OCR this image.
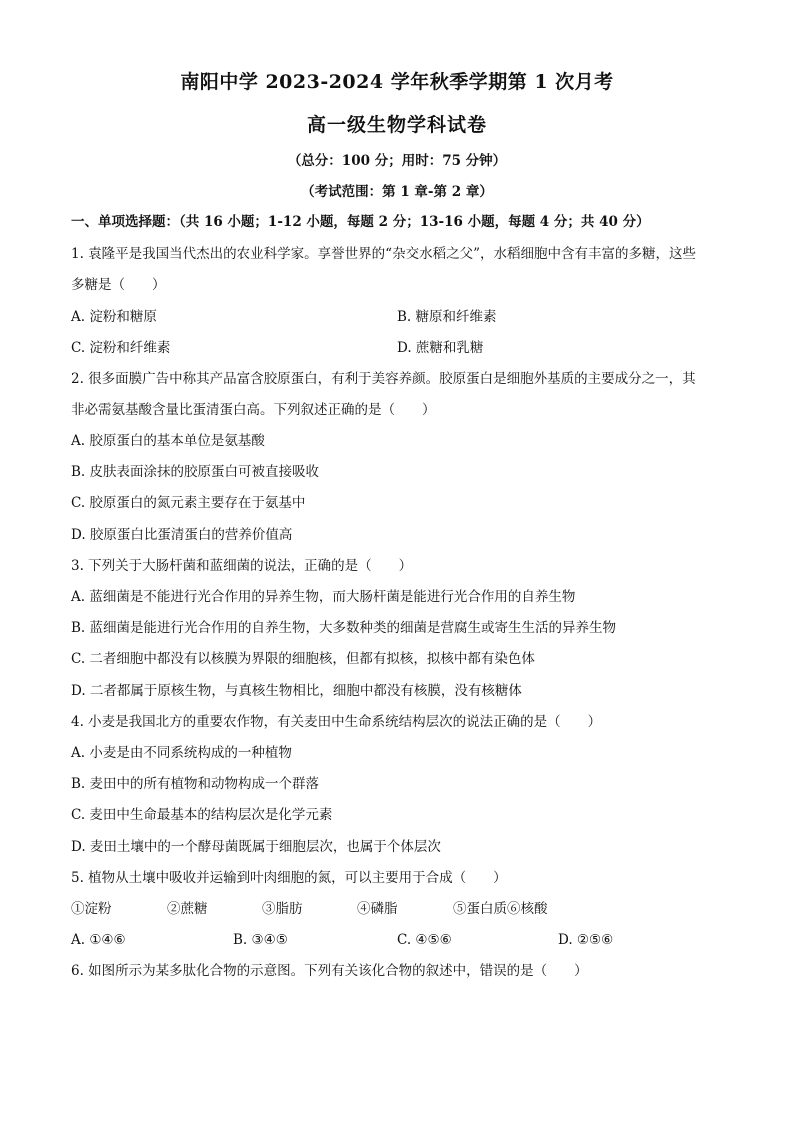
南阳中学 2023-2024 学年秋季学期第 1 次月考
高一级生物学科试卷
（总分：100 分；用时：75 分钟）
（考试范围：第 1 章-第 2 章）
一、单项选择题：（共 16 小题；1-12 小题，每题 2 分；13-16 小题，每题 4 分；共 40 分）
1. 袁隆平是我国当代杰出的农业科学家。享誉世界的“杂交水稻之父”，水稻细胞中含有丰富的多糖，这些
多糖是（　　）
A. 淀粉和糖原	B. 糖原和纤维素
C. 淀粉和纤维素	D. 蔗糖和乳糖
2. 很多面膜广告中称其产品富含胶原蛋白，有利于美容养颜。胶原蛋白是细胞外基质的主要成分之一，其
非必需氨基酸含量比蛋清蛋白高。下列叙述正确的是（　　）
A. 胶原蛋白的基本单位是氨基酸
B. 皮肤表面涂抹的胶原蛋白可被直接吸收
C. 胶原蛋白的氮元素主要存在于氨基中
D. 胶原蛋白比蛋清蛋白的营养价值高
3. 下列关于大肠杆菌和蓝细菌的说法，正确的是（　　）
A. 蓝细菌是不能进行光合作用的异养生物，而大肠杆菌是能进行光合作用的自养生物
B. 蓝细菌是能进行光合作用的自养生物，大多数种类的细菌是营腐生或寄生生活的异养生物
C. 二者细胞中都没有以核膜为界限的细胞核，但都有拟核，拟核中都有染色体
D. 二者都属于原核生物，与真核生物相比，细胞中都没有核膜，没有核糖体
4. 小麦是我国北方的重要农作物，有关麦田中生命系统结构层次的说法正确的是（　　）
A. 小麦是由不同系统构成的一种植物
B. 麦田中的所有植物和动物构成一个群落
C. 麦田中生命最基本的结构层次是化学元素
D. 麦田土壤中的一个酵母菌既属于细胞层次，也属于个体层次
5. 植物从土壤中吸收并运输到叶肉细胞的氮，可以主要用于合成（　　）
①淀粉	②蔗糖	③脂肪	④磷脂	⑤蛋白质⑥核酸
A. ①④⑥	B. ③④⑤	C. ④⑤⑥	D. ②⑤⑥
6. 如图所示为某多肽化合物的示意图。下列有关该化合物的叙述中，错误的是（　　）
